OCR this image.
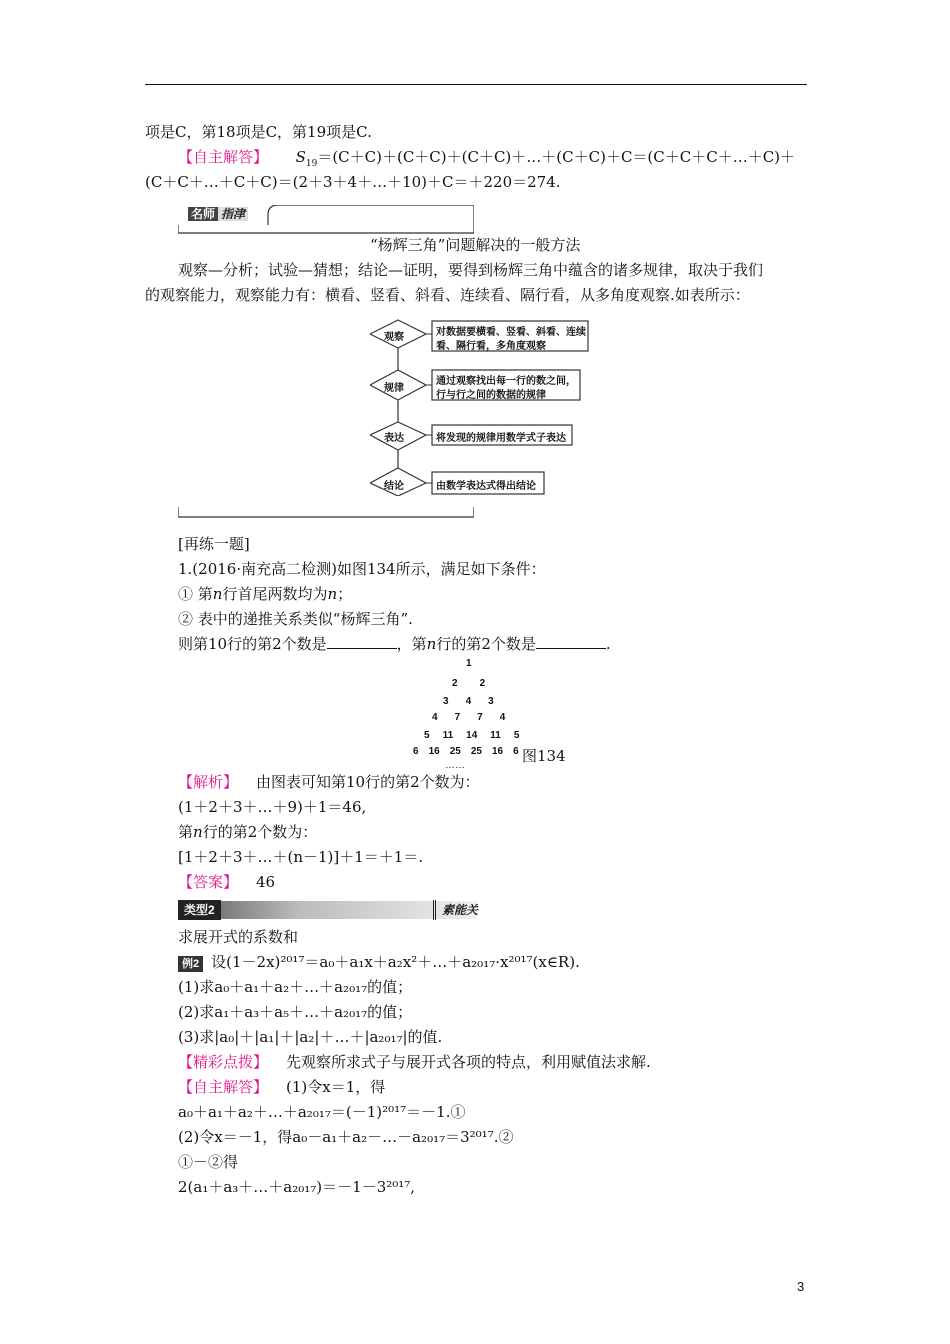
项是C，第18项是C，第19项是C.
【自主解答】 $S_{19}=(C+C)+(C+C)+(C+C)+\dots+(C+C)+C=(C+C+C+\dots+C)+$
(C＋C＋…＋C＋C)＝(2＋3＋4＋…＋10)＋C＝＋220＝274.
名师 指津
“杨辉三角”问题解决的一般方法
观察—分析；试验—猜想；结论—证明，要得到杨辉三角中蕴含的诸多规律，取决于我们
的观察能力，观察能力有：横看、竖看、斜看、连续看、隔行看，从多角度观察.如表所示：
观察	对数据要横看、竖看、斜看、连续
看、隔行看，多角度观察
规律
通过观察找出每一行的数之间，
行与行之间的数据的规律
表达	将发现的规律用数学式子表达
结论	由数学表达式得出结论
[再练一题]
1.(2016·南充高二检测)如图134所示，满足如下条件：
① 第n行首尾两数均为n；
② 表中的递推关系类似“杨辉三角”.
则第10行的第2个数是	，第n行的第2个数是	.
1
2 2
3 4 3
4 7 7 4
5 11 14 11 5
6 16 25 25 16 6
……
图134
【解析】 由图表可知第10行的第2个数为：
(1＋2＋3＋…＋9)＋1＝46,
第n行的第2个数为：
[1＋2＋3＋…＋(n－1)]＋1＝＋1＝.
【答案】 46
类型2	素能关
求展开式的系数和
例2 设(1－2x)²⁰¹⁷＝a₀＋a₁x＋a₂x²＋…＋a₂₀₁₇·x²⁰¹⁷(x∈R).
(1)求a₀＋a₁＋a₂＋…＋a₂₀₁₇的值；
(2)求a₁＋a₃＋a₅＋…＋a₂₀₁₇的值；
(3)求|a₀|＋|a₁|＋|a₂|＋…＋|a₂₀₁₇|的值.
【精彩点拨】 先观察所求式子与展开式各项的特点，利用赋值法求解.
【自主解答】 (1)令x＝1，得
a₀＋a₁＋a₂＋…＋a₂₀₁₇＝(－1)²⁰¹⁷＝－1.①
(2)令x＝－1，得a₀－a₁＋a₂－…－a₂₀₁₇＝3²⁰¹⁷.②
①－②得
2(a₁＋a₃＋…＋a₂₀₁₇)＝－1－3²⁰¹⁷,
3
